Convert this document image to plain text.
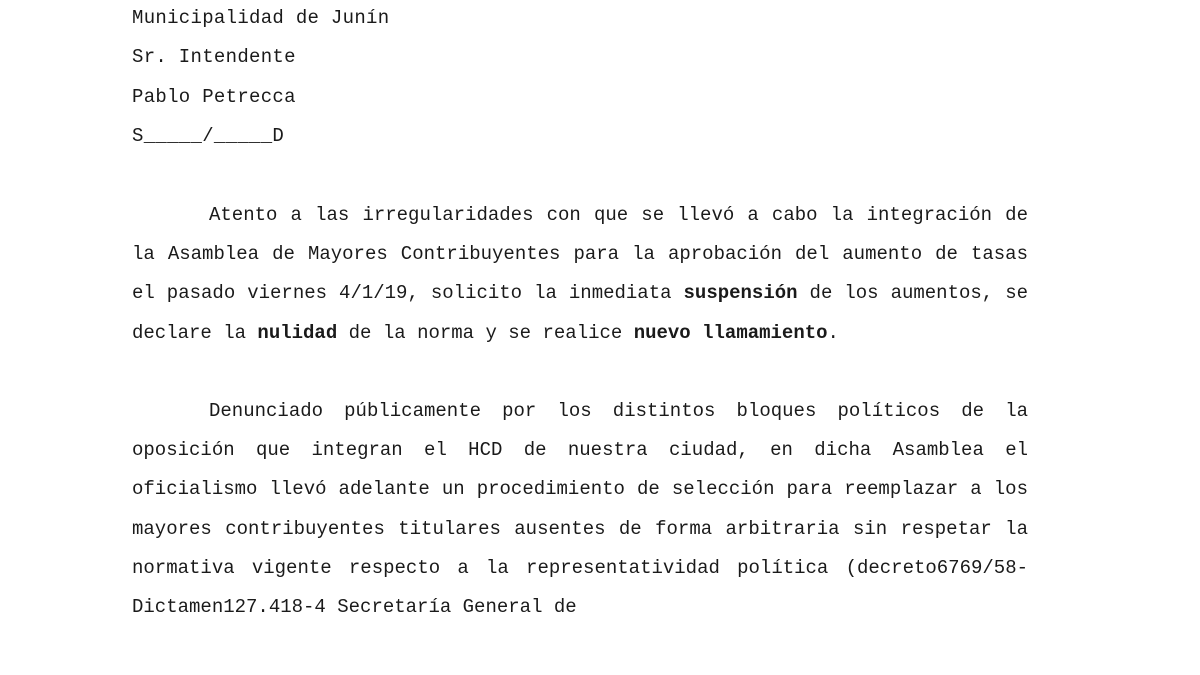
Municipalidad de Junín
Sr. Intendente
Pablo Petrecca
S_____/_____D
Atento a las irregularidades con que se llevó a cabo la integración de la Asamblea de Mayores Contribuyentes para la aprobación del aumento de tasas el pasado viernes 4/1/19, solicito la inmediata suspensión de los aumentos, se declare la nulidad de la norma y se realice nuevo llamamiento.
Denunciado públicamente por los distintos bloques políticos de la oposición que integran el HCD de nuestra ciudad, en dicha Asamblea el oficialismo llevó adelante un procedimiento de selección para reemplazar a los mayores contribuyentes titulares ausentes de forma arbitraria sin respetar la normativa vigente respecto a la representatividad política (decreto6769/58-Dictamen127.418-4 Secretaría General de
